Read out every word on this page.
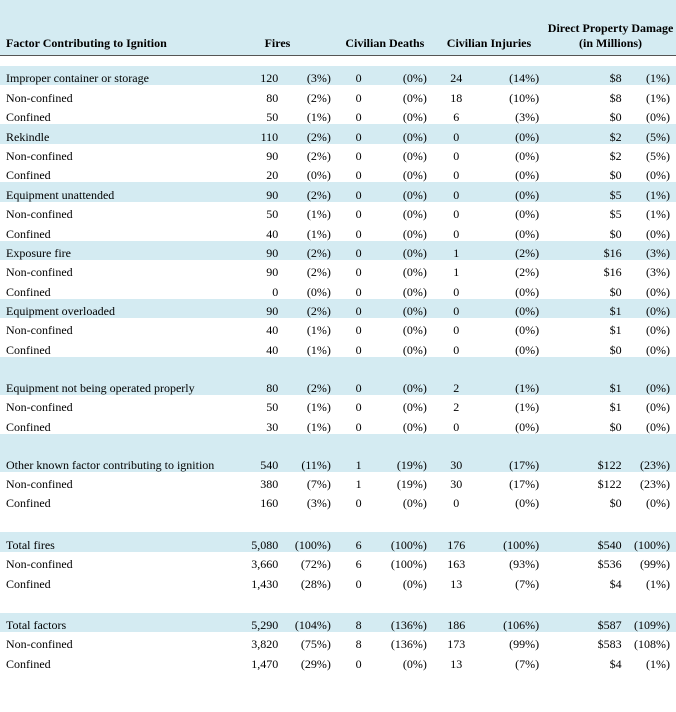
Factor Contributing to Ignition	Fires		Civilian Deaths		Civilian Injuries		Direct Property Damage (in Millions)	

Improper container or storage	120	(3%)	0	(0%)	24	(14%)	$8	(1%)
Non-confined	80	(2%)	0	(0%)	18	(10%)	$8	(1%)
Confined	50	(1%)	0	(0%)	6	(3%)	$0	(0%)
Rekindle	110	(2%)	0	(0%)	0	(0%)	$2	(5%)
Non-confined	90	(2%)	0	(0%)	0	(0%)	$2	(5%)
Confined	20	(0%)	0	(0%)	0	(0%)	$0	(0%)
Equipment unattended	90	(2%)	0	(0%)	0	(0%)	$5	(1%)
Non-confined	50	(1%)	0	(0%)	0	(0%)	$5	(1%)
Confined	40	(1%)	0	(0%)	0	(0%)	$0	(0%)
Exposure fire	90	(2%)	0	(0%)	1	(2%)	$16	(3%)
Non-confined	90	(2%)	0	(0%)	1	(2%)	$16	(3%)
Confined	0	(0%)	0	(0%)	0	(0%)	$0	(0%)
Equipment overloaded	90	(2%)	0	(0%)	0	(0%)	$1	(0%)
Non-confined	40	(1%)	0	(0%)	0	(0%)	$1	(0%)
Confined	40	(1%)	0	(0%)	0	(0%)	$0	(0%)
Equipment not being operated properly	80	(2%)	0	(0%)	2	(1%)	$1	(0%)
Non-confined	50	(1%)	0	(0%)	2	(1%)	$1	(0%)
Confined	30	(1%)	0	(0%)	0	(0%)	$0	(0%)
Other known factor contributing to ignition	540	(11%)	1	(19%)	30	(17%)	$122	(23%)
Non-confined	380	(7%)	1	(19%)	30	(17%)	$122	(23%)
Confined	160	(3%)	0	(0%)	0	(0%)	$0	(0%)

Total fires	5,080	(100%)	6	(100%)	176	(100%)	$540	(100%)
Non-confined	3,660	(72%)	6	(100%)	163	(93%)	$536	(99%)
Confined	1,430	(28%)	0	(0%)	13	(7%)	$4	(1%)

Total factors	5,290	(104%)	8	(136%)	186	(106%)	$587	(109%)
Non-confined	3,820	(75%)	8	(136%)	173	(99%)	$583	(108%)
Confined	1,470	(29%)	0	(0%)	13	(7%)	$4	(1%)
